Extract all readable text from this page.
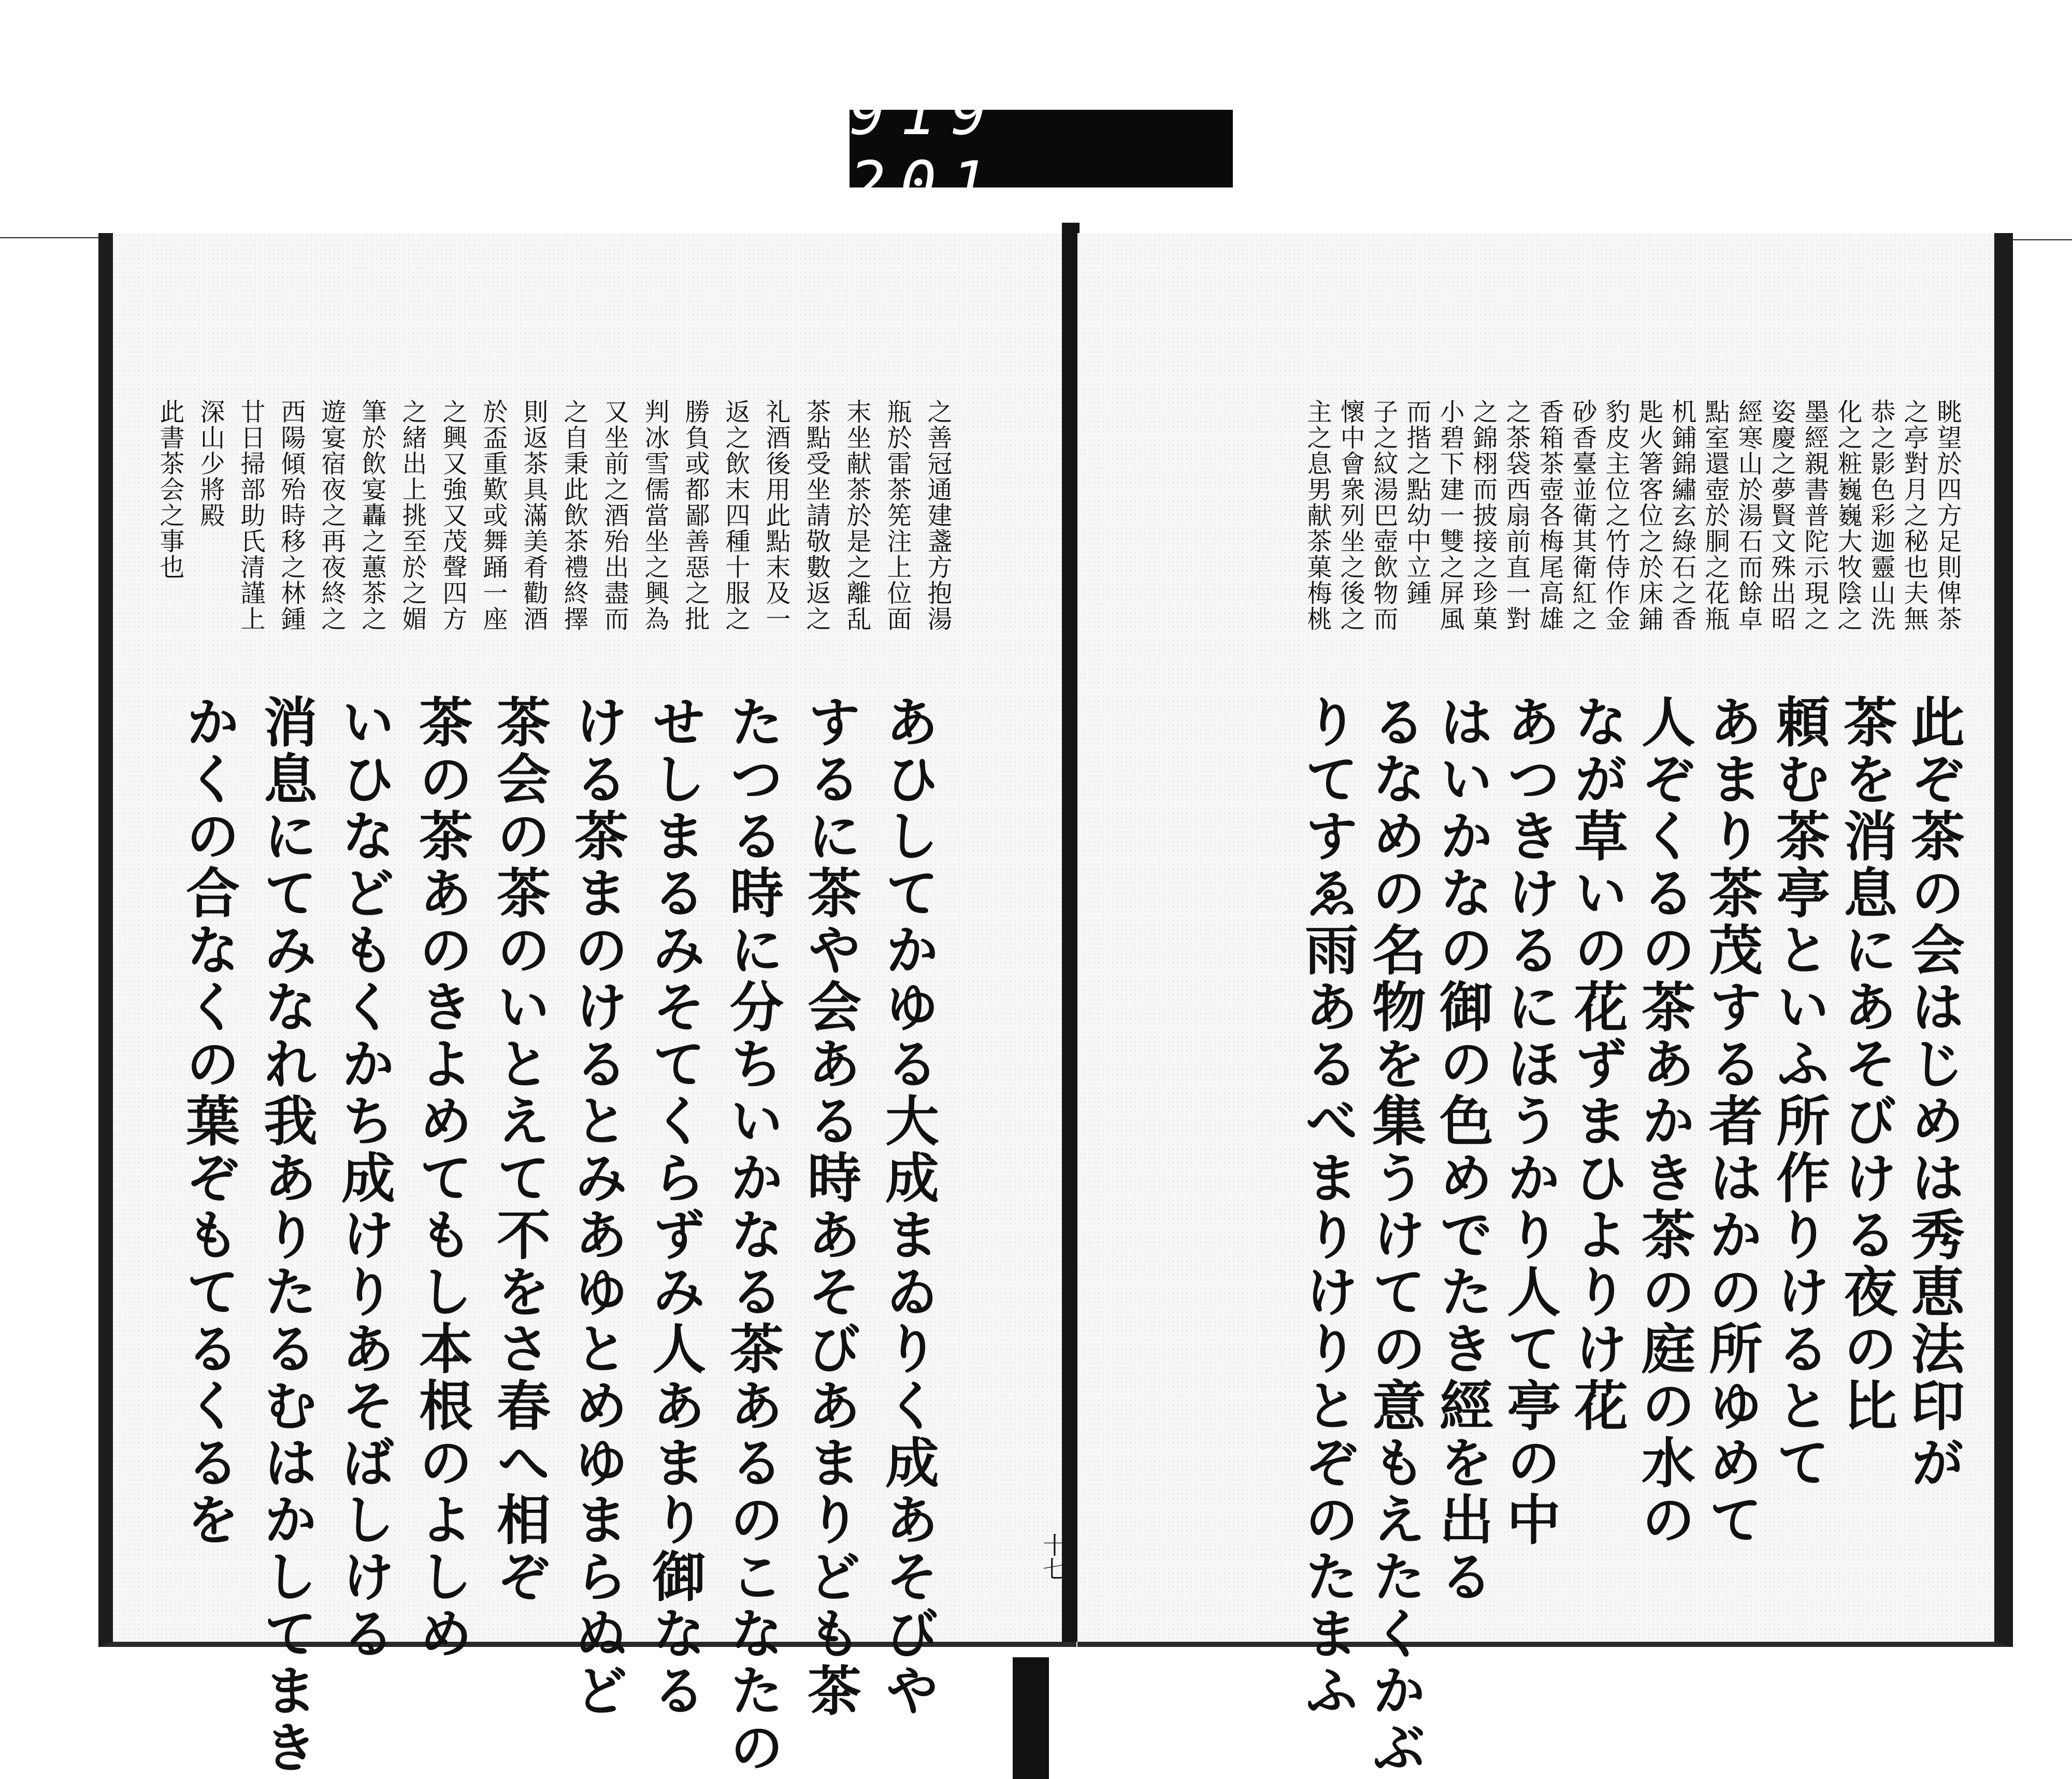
919 201.

眺望於四方足則俾茶

之亭對月之秘也夫無

恭之影色彩迦靈山洗

化之粧巍巍大牧陰之

墨經親書普陀示現之

姿慶之夢賢文殊出昭

經寒山於湯石而餘卓

點室還壺於胴之花瓶

机鋪錦繡玄綠石之香

匙火箸客位之於床鋪

豹皮主位之竹侍作金

砂香臺並衛其衛紅之

香箱茶壺各梅尾高雄

之茶袋西扇前直一對

之錦栩而披接之珍菓

小碧下建一雙之屏風

而揩之點幼中立鍾

子之紋湯巴壺飲物而

懷中會衆列坐之後之

主之息男献茶菓梅桃

此ぞ茶の会はじめは秀恵法印が

茶を消息にあそびける夜の比

頼む茶亭といふ所作りけるとて

あまり茶茂する者はかの所ゆめて

人ぞくるの茶あかき茶の庭の水の

なが草いの花ずまひよりけ花

あつきけるにほうかり人て亭の中

はいかなの御の色めでたき經を出る

るなめの名物を集うけての意もえたくかぶ

りてすゑ雨あるべまりけりとぞのたまふ

十七

之善冠通建盞方抱湯

瓶於雷茶筅注上位面

末坐献茶於是之離乱

茶點受坐請敬數返之

礼酒後用此點末及一

返之飲末四種十服之

勝負或都鄙善惡之批

判冰雪儒當坐之興為

又坐前之酒殆出盡而

之自秉此飲茶禮終擇

則返茶具滿美肴勸酒

於盃重歎或舞踊一座

之興又強又茂聲四方

之緒出上挑至於之媚

筆於飲宴轟之蕙茶之

遊宴宿夜之再夜終之

西陽傾殆時移之林鍾

廿日掃部助氏清謹上

深山少將殿

此書茶会之事也

あひしてかゆる大成まゐりく成あそびや

するに茶や会ある時あそびあまりども茶

たつる時に分ちいかなる茶あるのこなたの

せしまるみそてくらずみ人あまり御なる

ける茶まのけるとみあゆとめゆまらぬど

茶会の茶のいとえて不をさ春へ相ぞ

茶の茶あのきよめてもし本根のよしめ

いひなどもくかち成けりあそばしける

消息にてみなれ我ありたるむはかしてまき

かくの合なくの葉ぞもてるくるを
